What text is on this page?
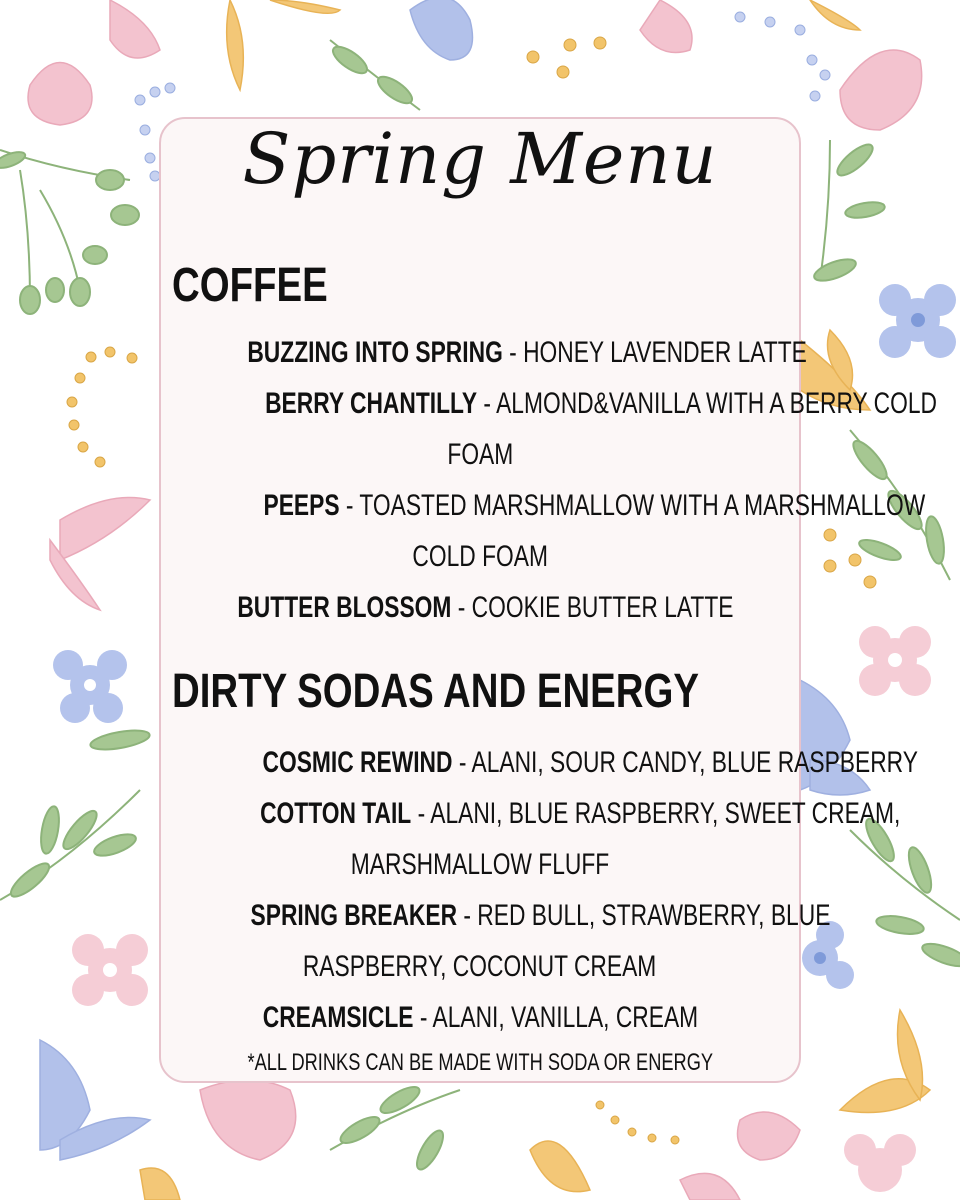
Spring Menu
COFFEE
BUZZING INTO SPRING - HONEY LAVENDER LATTE
BERRY CHANTILLY - ALMOND&VANILLA WITH A BERRY COLD
FOAM
PEEPS - TOASTED MARSHMALLOW WITH A MARSHMALLOW
COLD FOAM
BUTTER BLOSSOM - COOKIE BUTTER LATTE
DIRTY SODAS AND ENERGY
COSMIC REWIND - ALANI, SOUR CANDY, BLUE RASPBERRY
COTTON TAIL - ALANI, BLUE RASPBERRY, SWEET CREAM,
MARSHMALLOW FLUFF
SPRING BREAKER - RED BULL, STRAWBERRY, BLUE
RASPBERRY, COCONUT CREAM
CREAMSICLE - ALANI, VANILLA, CREAM
*ALL DRINKS CAN BE MADE WITH SODA OR ENERGY
